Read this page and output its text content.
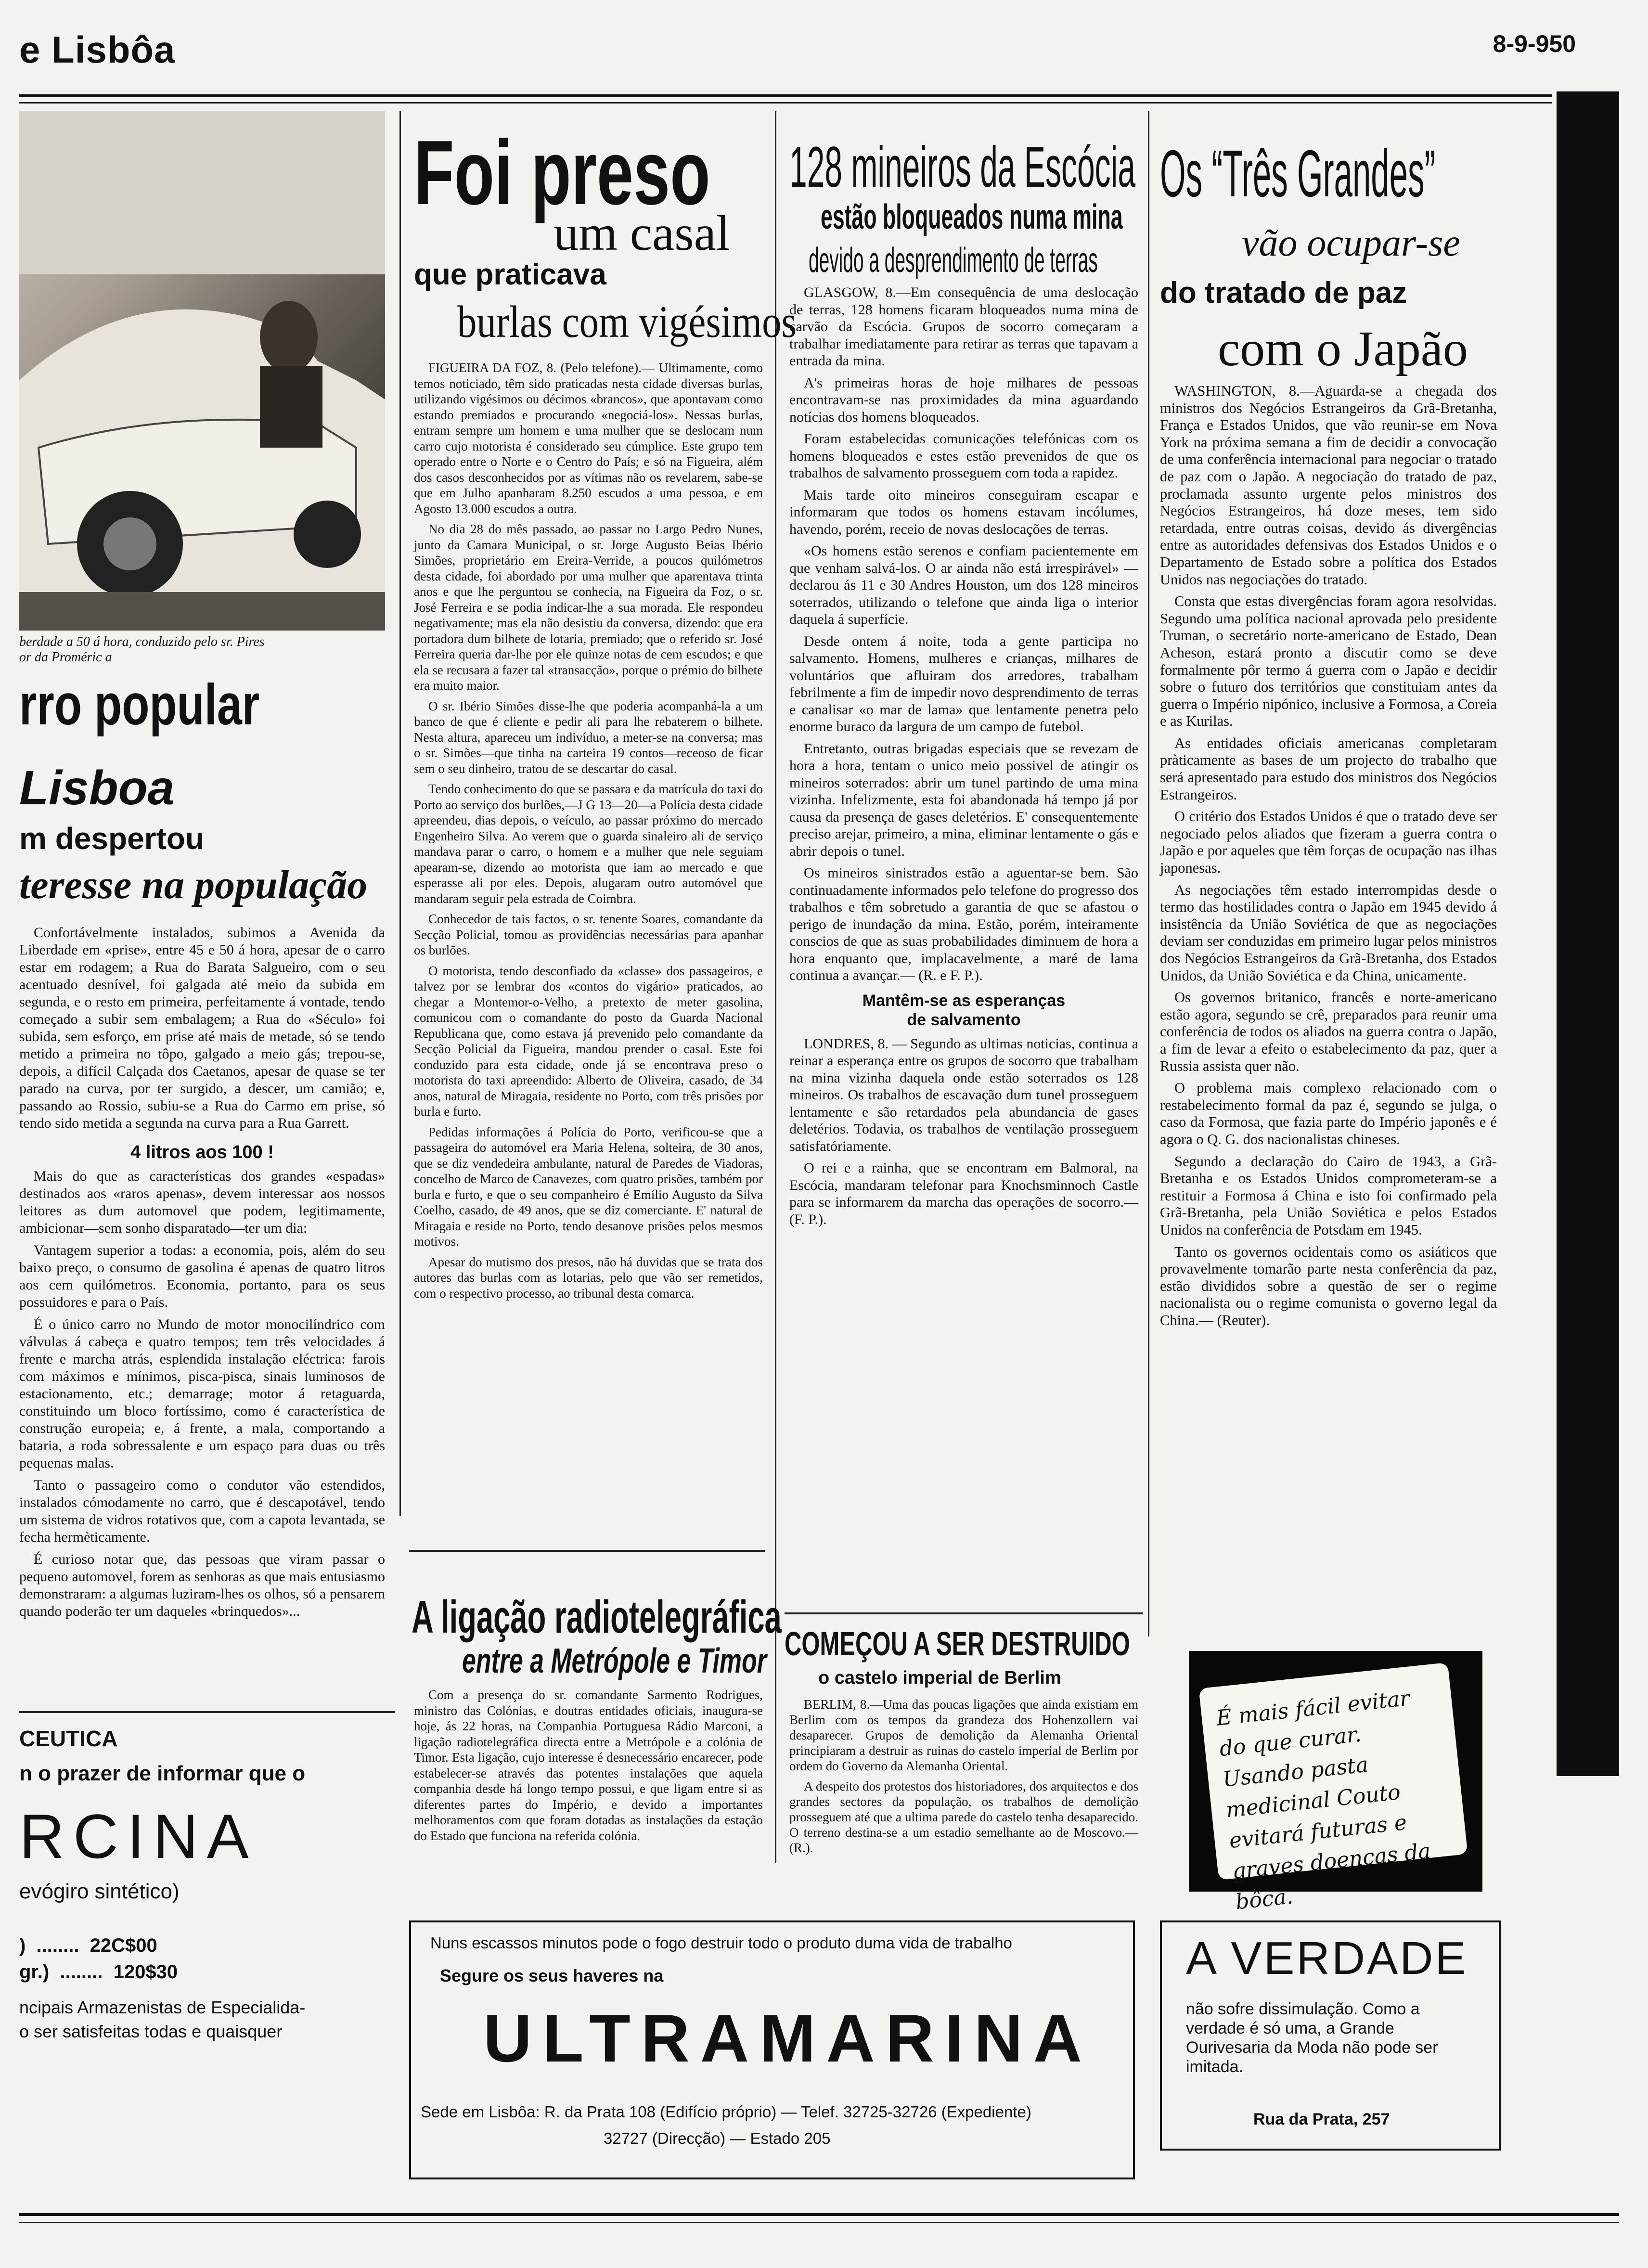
e Lisbôa	8-9-950
berdade a 50 á hora, conduzido pelo sr. Pires
or da Proméric a
rro popular
Lisboa
m despertou
teresse na população

Confortávelmente instalados, subimos a Avenida da Liberdade em «prise», entre 45 e 50 á hora, apesar de o carro estar em rodagem; a Rua do Barata Salgueiro, com o seu acentuado desnível, foi galgada até meio da subida em segunda, e o resto em primeira, perfeitamente á vontade, tendo começado a subir sem embalagem; a Rua do «Século» foi subida, sem esforço, em prise até mais de metade, só se tendo metido a primeira no tôpo, galgado a meio gás; trepou-se, depois, a difícil Calçada dos Caetanos, apesar de quase se ter parado na curva, por ter surgido, a descer, um camião; e, passando ao Rossio, subiu-se a Rua do Carmo em prise, só tendo sido metida a segunda na curva para a Rua Garrett.

4 litros aos 100 !

Mais do que as características dos grandes «espadas» destinados aos «raros apenas», devem interessar aos nossos leitores as dum automovel que podem, legitimamente, ambicionar—sem sonho disparatado—ter um dia:

Vantagem superior a todas: a economia, pois, além do seu baixo preço, o consumo de gasolina é apenas de quatro litros aos cem quilómetros. Economia, portanto, para os seus possuidores e para o País.

É o único carro no Mundo de motor monocilíndrico com válvulas á cabeça e quatro tempos; tem três velocidades á frente e marcha atrás, esplendida instalação eléctrica: farois com máximos e mínimos, pisca-pisca, sinais luminosos de estacionamento, etc.; demarrage; motor á retaguarda, constituindo um bloco fortíssimo, como é característica de construção europeia; e, á frente, a mala, comportando a bataria, a roda sobressalente e um espaço para duas ou três pequenas malas.

Tanto o passageiro como o condutor vão estendidos, instalados cómodamente no carro, que é descapotável, tendo um sistema de vidros rotativos que, com a capota levantada, se fecha hermèticamente.

É curioso notar que, das pessoas que viram passar o pequeno automovel, forem as senhoras as que mais entusiasmo demonstraram: a algumas luziram-lhes os olhos, só a pensarem quando poderão ter um daqueles «brinquedos»...

CEUTICA
n o prazer de informar que o
RCINA
evógiro sintético)
)  ........  22C$00
gr.)  ........  120$30
ncipais Armazenistas de Especialida-
o ser satisfeitas todas e quaisquer
Foi preso
um casal
que praticava
burlas com vigésimos

FIGUEIRA DA FOZ, 8. (Pelo telefone).— Ultimamente, como temos noticiado, têm sido praticadas nesta cidade diversas burlas, utilizando vigésimos ou décimos «brancos», que apontavam como estando premiados e procurando «negociá-los». Nessas burlas, entram sempre um homem e uma mulher que se deslocam num carro cujo motorista é considerado seu cúmplice. Este grupo tem operado entre o Norte e o Centro do País; e só na Figueira, além dos casos desconhecidos por as vítimas não os revelarem, sabe-se que em Julho apanharam 8.250 escudos a uma pessoa, e em Agosto 13.000 escudos a outra.

No dia 28 do mês passado, ao passar no Largo Pedro Nunes, junto da Camara Municipal, o sr. Jorge Augusto Beias Ibério Simões, proprietário em Ereira-Verride, a poucos quilómetros desta cidade, foi abordado por uma mulher que aparentava trinta anos e que lhe perguntou se conhecia, na Figueira da Foz, o sr. José Ferreira e se podia indicar-lhe a sua morada. Ele respondeu negativamente; mas ela não desistiu da conversa, dizendo: que era portadora dum bilhete de lotaria, premiado; que o referido sr. José Ferreira queria dar-lhe por ele quinze notas de cem escudos; e que ela se recusara a fazer tal «transacção», porque o prémio do bilhete era muito maior.

O sr. Ibério Simões disse-lhe que poderia acompanhá-la a um banco de que é cliente e pedir ali para lhe rebaterem o bilhete. Nesta altura, apareceu um indivíduo, a meter-se na conversa; mas o sr. Simões—que tinha na carteira 19 contos—receoso de ficar sem o seu dinheiro, tratou de se descartar do casal.

Tendo conhecimento do que se passara e da matrícula do taxi do Porto ao serviço dos burlões,—J G 13—20—a Polícia desta cidade apreendeu, dias depois, o veículo, ao passar próximo do mercado Engenheiro Silva. Ao verem que o guarda sinaleiro ali de serviço mandava parar o carro, o homem e a mulher que nele seguiam apearam-se, dizendo ao motorista que iam ao mercado e que esperasse ali por eles. Depois, alugaram outro automóvel que mandaram seguir pela estrada de Coimbra.

Conhecedor de tais factos, o sr. tenente Soares, comandante da Secção Policial, tomou as providências necessárias para apanhar os burlões.

O motorista, tendo desconfiado da «classe» dos passageiros, e talvez por se lembrar dos «contos do vigário» praticados, ao chegar a Montemor-o-Velho, a pretexto de meter gasolina, comunicou com o comandante do posto da Guarda Nacional Republicana que, como estava já prevenido pelo comandante da Secção Policial da Figueira, mandou prender o casal. Este foi conduzido para esta cidade, onde já se encontrava preso o motorista do taxi apreendido: Alberto de Oliveira, casado, de 34 anos, natural de Miragaia, residente no Porto, com três prisões por burla e furto.

Pedidas informações á Polícia do Porto, verificou-se que a passageira do automóvel era Maria Helena, solteira, de 30 anos, que se diz vendedeira ambulante, natural de Paredes de Viadoras, concelho de Marco de Canavezes, com quatro prisões, também por burla e furto, e que o seu companheiro é Emílio Augusto da Silva Coelho, casado, de 49 anos, que se diz comerciante. E' natural de Miragaia e reside no Porto, tendo desanove prisões pelos mesmos motivos.

Apesar do mutismo dos presos, não há duvidas que se trata dos autores das burlas com as lotarias, pelo que vão ser remetidos, com o respectivo processo, ao tribunal desta comarca.

A ligação radiotelegráfica
entre a Metrópole e Timor

Com a presença do sr. comandante Sarmento Rodrigues, ministro das Colónias, e doutras entidades oficiais, inaugura-se hoje, ás 22 horas, na Companhia Portuguesa Rádio Marconi, a ligação radiotelegráfica directa entre a Metrópole e a colónia de Timor. Esta ligação, cujo interesse é desnecessário encarecer, pode estabelecer-se através das potentes instalações que aquela companhia desde há longo tempo possui, e que ligam entre si as diferentes partes do Império, e devido a importantes melhoramentos com que foram dotadas as instalações da estação do Estado que funciona na referida colónia.

128 mineiros da Escócia
estão bloqueados numa mina
devido a desprendimento de terras

GLASGOW, 8.—Em consequência de uma deslocação de terras, 128 homens ficaram bloqueados numa mina de carvão da Escócia. Grupos de socorro começaram a trabalhar imediatamente para retirar as terras que tapavam a entrada da mina.

A's primeiras horas de hoje milhares de pessoas encontravam-se nas proximidades da mina aguardando notícias dos homens bloqueados.

Foram estabelecidas comunicações telefónicas com os homens bloqueados e estes estão prevenidos de que os trabalhos de salvamento prosseguem com toda a rapidez.

Mais tarde oito mineiros conseguiram escapar e informaram que todos os homens estavam incólumes, havendo, porém, receio de novas deslocações de terras.

«Os homens estão serenos e confiam pacientemente em que venham salvá-los. O ar ainda não está irrespirável» —declarou ás 11 e 30 Andres Houston, um dos 128 mineiros soterrados, utilizando o telefone que ainda liga o interior daquela á superfície.

Desde ontem á noite, toda a gente participa no salvamento. Homens, mulheres e crianças, milhares de voluntários que afluiram dos arredores, trabalham febrilmente a fim de impedir novo desprendimento de terras e canalisar «o mar de lama» que lentamente penetra pelo enorme buraco da largura de um campo de futebol.

Entretanto, outras brigadas especiais que se revezam de hora a hora, tentam o unico meio possivel de atingir os mineiros soterrados: abrir um tunel partindo de uma mina vizinha. Infelizmente, esta foi abandonada há tempo já por causa da presença de gases deletérios. E' consequentemente preciso arejar, primeiro, a mina, eliminar lentamente o gás e abrir depois o tunel.

Os mineiros sinistrados estão a aguentar-se bem. São continuadamente informados pelo telefone do progresso dos trabalhos e têm sobretudo a garantia de que se afastou o perigo de inundação da mina. Estão, porém, inteiramente conscios de que as suas probabilidades diminuem de hora a hora enquanto que, implacavelmente, a maré de lama continua a avançar.— (R. e F. P.).

Mantêm-se as esperanças
de salvamento

LONDRES, 8. — Segundo as ultimas noticias, continua a reinar a esperança entre os grupos de socorro que trabalham na mina vizinha daquela onde estão soterrados os 128 mineiros. Os trabalhos de escavação dum tunel prosseguem lentamente e são retardados pela abundancia de gases deletérios. Todavia, os trabalhos de ventilação prosseguem satisfatóriamente.

O rei e a rainha, que se encontram em Balmoral, na Escócia, mandaram telefonar para Knochsminnoch Castle para se informarem da marcha das operações de socorro.—(F. P.).

COMEÇOU A SER DESTRUIDO
o castelo imperial de Berlim

BERLIM, 8.—Uma das poucas ligações que ainda existiam em Berlim com os tempos da grandeza dos Hohenzollern vai desaparecer. Grupos de demolição da Alemanha Oriental principiaram a destruir as ruinas do castelo imperial de Berlim por ordem do Governo da Alemanha Oriental.

A despeito dos protestos dos historiadores, dos arquitectos e dos grandes sectores da população, os trabalhos de demolição prosseguem até que a ultima parede do castelo tenha desaparecido. O terreno destina-se a um estadio semelhante ao de Moscovo.—(R.).

Os “Três Grandes”
vão ocupar-se
do tratado de paz
com o Japão

WASHINGTON, 8.—Aguarda-se a chegada dos ministros dos Negócios Estrangeiros da Grã-Bretanha, França e Estados Unidos, que vão reunir-se em Nova York na próxima semana a fim de decidir a convocação de uma conferência internacional para negociar o tratado de paz com o Japão. A negociação do tratado de paz, proclamada assunto urgente pelos ministros dos Negócios Estrangeiros, há doze meses, tem sido retardada, entre outras coisas, devido ás divergências entre as autoridades defensivas dos Estados Unidos e o Departamento de Estado sobre a política dos Estados Unidos nas negociações do tratado.

Consta que estas divergências foram agora resolvidas. Segundo uma política nacional aprovada pelo presidente Truman, o secretário norte-americano de Estado, Dean Acheson, estará pronto a discutir como se deve formalmente pôr termo á guerra com o Japão e decidir sobre o futuro dos territórios que constituiam antes da guerra o Império nipónico, inclusive a Formosa, a Coreia e as Kurilas.

As entidades oficiais americanas completaram pràticamente as bases de um projecto do trabalho que será apresentado para estudo dos ministros dos Negócios Estrangeiros.

O critério dos Estados Unidos é que o tratado deve ser negociado pelos aliados que fizeram a guerra contra o Japão e por aqueles que têm forças de ocupação nas ilhas japonesas.

As negociações têm estado interrompidas desde o termo das hostilidades contra o Japão em 1945 devido á insistência da União Soviética de que as negociações deviam ser conduzidas em primeiro lugar pelos ministros dos Negócios Estrangeiros da Grã-Bretanha, dos Estados Unidos, da União Soviética e da China, unicamente.

Os governos britanico, francês e norte-americano estão agora, segundo se crê, preparados para reunir uma conferência de todos os aliados na guerra contra o Japão, a fim de levar a efeito o estabelecimento da paz, quer a Russia assista quer não.

O problema mais complexo relacionado com o restabelecimento formal da paz é, segundo se julga, o caso da Formosa, que fazia parte do Império japonês e é agora o Q. G. dos nacionalistas chineses.

Segundo a declaração do Cairo de 1943, a Grã-Bretanha e os Estados Unidos comprometeram-se a restituir a Formosa á China e isto foi confirmado pela Grã-Bretanha, pela União Soviética e pelos Estados Unidos na conferência de Potsdam em 1945.

Tanto os governos ocidentais como os asiáticos que provavelmente tomarão parte nesta conferência da paz, estão divididos sobre a questão de ser o regime nacionalista ou o regime comunista o governo legal da China.— (Reuter).

É mais fácil evitar do que curar. Usando pasta medicinal Couto evitará futuras e graves doenças da bôca.
Nuns escassos minutos pode o fogo destruir todo o produto duma vida de trabalho
Segure os seus haveres na
ULTRAMARINA
Sede em Lisbôa: R. da Prata 108 (Edifício próprio) — Telef. 32725-32726 (Expediente)
32727 (Direcção) — Estado 205
A VERDADE
não sofre dissimulação. Como a verdade é só uma, a Grande Ourivesaria da Moda não pode ser imitada.
Rua da Prata, 257
